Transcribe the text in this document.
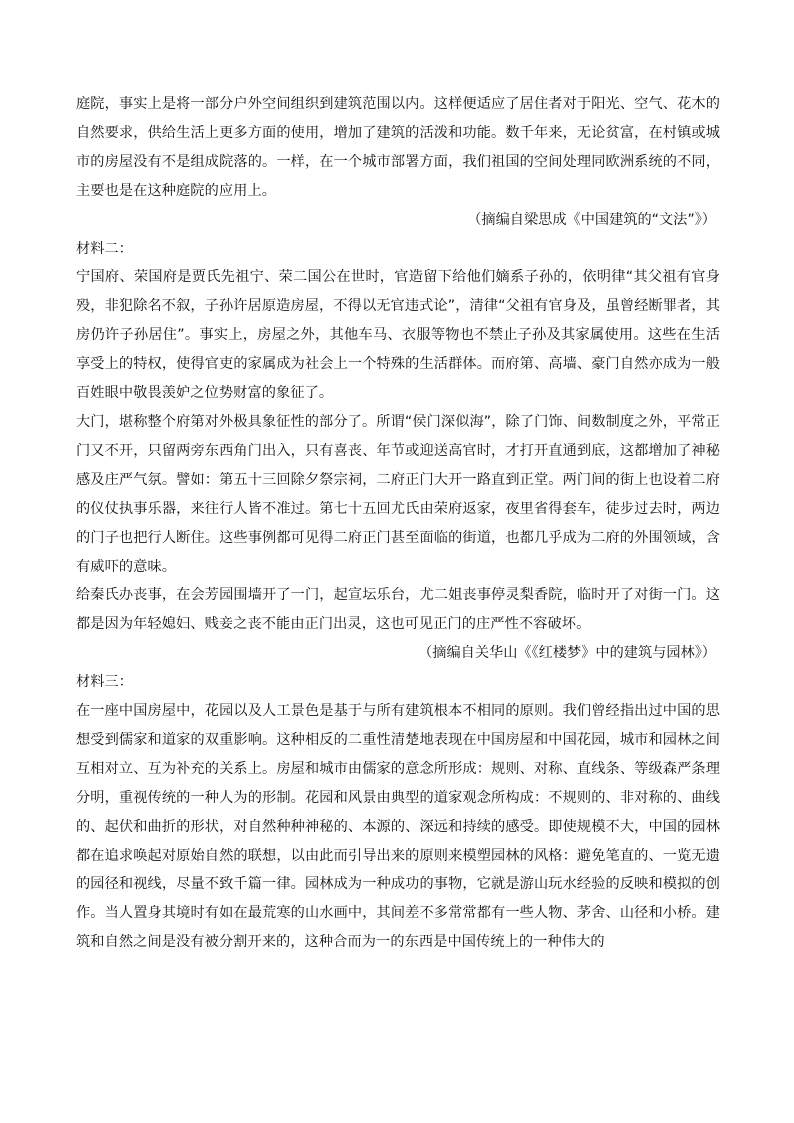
庭院，事实上是将一部分户外空间组织到建筑范围以内。这样便适应了居住者对于阳光、空气、花木的自然要求，供给生活上更多方面的使用，增加了建筑的活泼和功能。数千年来，无论贫富，在村镇或城市的房屋没有不是组成院落的。一样，在一个城市部署方面，我们祖国的空间处理同欧洲系统的不同，主要也是在这种庭院的应用上。

（摘编自梁思成《中国建筑的“文法”》）

材料二：

宁国府、荣国府是贾氏先祖宁、荣二国公在世时，官造留下给他们嫡系子孙的，依明律“其父祖有官身殁，非犯除名不叙，子孙许居原造房屋，不得以无官违式论”，清律“父祖有官身及，虽曾经断罪者，其房仍许子孙居住”。事实上，房屋之外，其他车马、衣服等物也不禁止子孙及其家属使用。这些在生活享受上的特权，使得官吏的家属成为社会上一个特殊的生活群体。而府第、高墙、豪门自然亦成为一般百姓眼中敬畏羡妒之位势财富的象征了。

大门，堪称整个府第对外极具象征性的部分了。所谓“侯门深似海”，除了门饰、间数制度之外，平常正门又不开，只留两旁东西角门出入，只有喜丧、年节或迎送高官时，才打开直通到底，这都增加了神秘感及庄严气氛。譬如：第五十三回除夕祭宗祠，二府正门大开一路直到正堂。两门间的街上也设着二府的仪仗执事乐器，来往行人皆不准过。第七十五回尤氏由荣府返家，夜里省得套车，徒步过去时，两边的门子也把行人断住。这些事例都可见得二府正门甚至面临的街道，也都几乎成为二府的外围领域，含有威吓的意味。

给秦氏办丧事，在会芳园围墙开了一门，起宣坛乐台，尤二姐丧事停灵梨香院，临时开了对街一门。这都是因为年轻媳妇、贱妾之丧不能由正门出灵，这也可见正门的庄严性不容破坏。

（摘编自关华山《《红楼梦》中的建筑与园林》）

材料三：

在一座中国房屋中，花园以及人工景色是基于与所有建筑根本不相同的原则。我们曾经指出过中国的思想受到儒家和道家的双重影响。这种相反的二重性清楚地表现在中国房屋和中国花园，城市和园林之间互相对立、互为补充的关系上。房屋和城市由儒家的意念所形成：规则、对称、直线条、等级森严条理分明，重视传统的一种人为的形制。花园和风景由典型的道家观念所构成：不规则的、非对称的、曲线的、起伏和曲折的形状，对自然种种神秘的、本源的、深远和持续的感受。即使规模不大，中国的园林都在追求唤起对原始自然的联想，以由此而引导出来的原则来模塑园林的风格：避免笔直的、一览无遗的园径和视线，尽量不致千篇一律。园林成为一种成功的事物，它就是游山玩水经验的反映和模拟的创作。当人置身其境时有如在最荒寒的山水画中，其间差不多常常都有一些人物、茅舍、山径和小桥。建筑和自然之间是没有被分割开来的，这种合而为一的东西是中国传统上的一种伟大的
